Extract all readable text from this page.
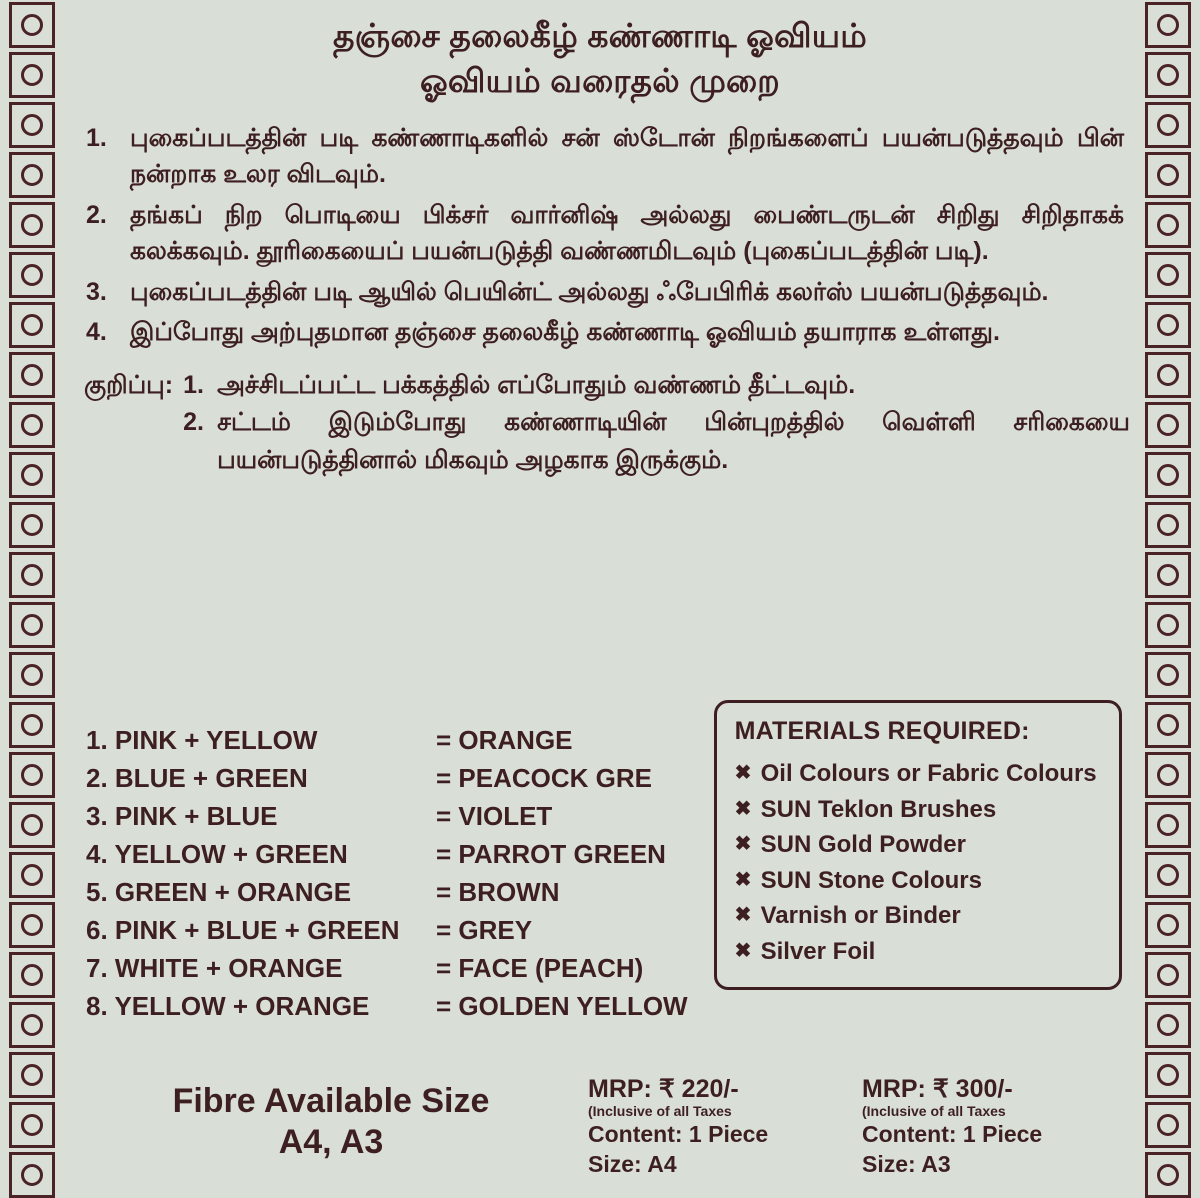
தஞ்சை தலைகீழ் கண்ணாடி ஓவியம்
ஓவியம் வரைதல் முறை
1. புகைப்படத்தின் படி கண்ணாடிகளில் சன் ஸ்டோன் நிறங்களைப் பயன்படுத்தவும் பின் நன்றாக உலர விடவும்.
2. தங்கப் நிற பொடியை பிக்சர் வார்னிஷ் அல்லது பைண்டருடன் சிறிது சிறிதாகக் கலக்கவும். தூரிகையைப் பயன்படுத்தி வண்ணமிடவும் (புகைப்படத்தின் படி).
3. புகைப்படத்தின் படி ஆயில் பெயின்ட் அல்லது ஃபேபிரிக் கலர்ஸ் பயன்படுத்தவும்.
4. இப்போது அற்புதமான தஞ்சை தலைகீழ் கண்ணாடி ஓவியம் தயாராக உள்ளது.
குறிப்பு: 1. அச்சிடப்பட்ட பக்கத்தில் எப்போதும் வண்ணம் தீட்டவும்.
2. சட்டம் இடும்போது கண்ணாடியின் பின்புறத்தில் வெள்ளி சரிகையை பயன்படுத்தினால் மிகவும் அழகாக இருக்கும்.
1. PINK + YELLOW	= ORANGE
2. BLUE + GREEN	= PEACOCK GRE
3. PINK + BLUE	= VIOLET
4. YELLOW + GREEN	= PARROT GREEN
5. GREEN + ORANGE	= BROWN
6. PINK + BLUE + GREEN	= GREY
7. WHITE + ORANGE	= FACE (PEACH)
8. YELLOW + ORANGE	= GOLDEN YELLOW
MATERIALS REQUIRED:
✖ Oil Colours or Fabric Colours
✖ SUN Teklon Brushes
✖ SUN Gold Powder
✖ SUN Stone Colours
✖ Varnish or Binder
✖ Silver Foil
Fibre Available Size
A4, A3
MRP: ₹ 220/-
(Inclusive of all Taxes
Content: 1 Piece
Size: A4
MRP: ₹ 300/-
(Inclusive of all Taxes
Content: 1 Piece
Size: A3
